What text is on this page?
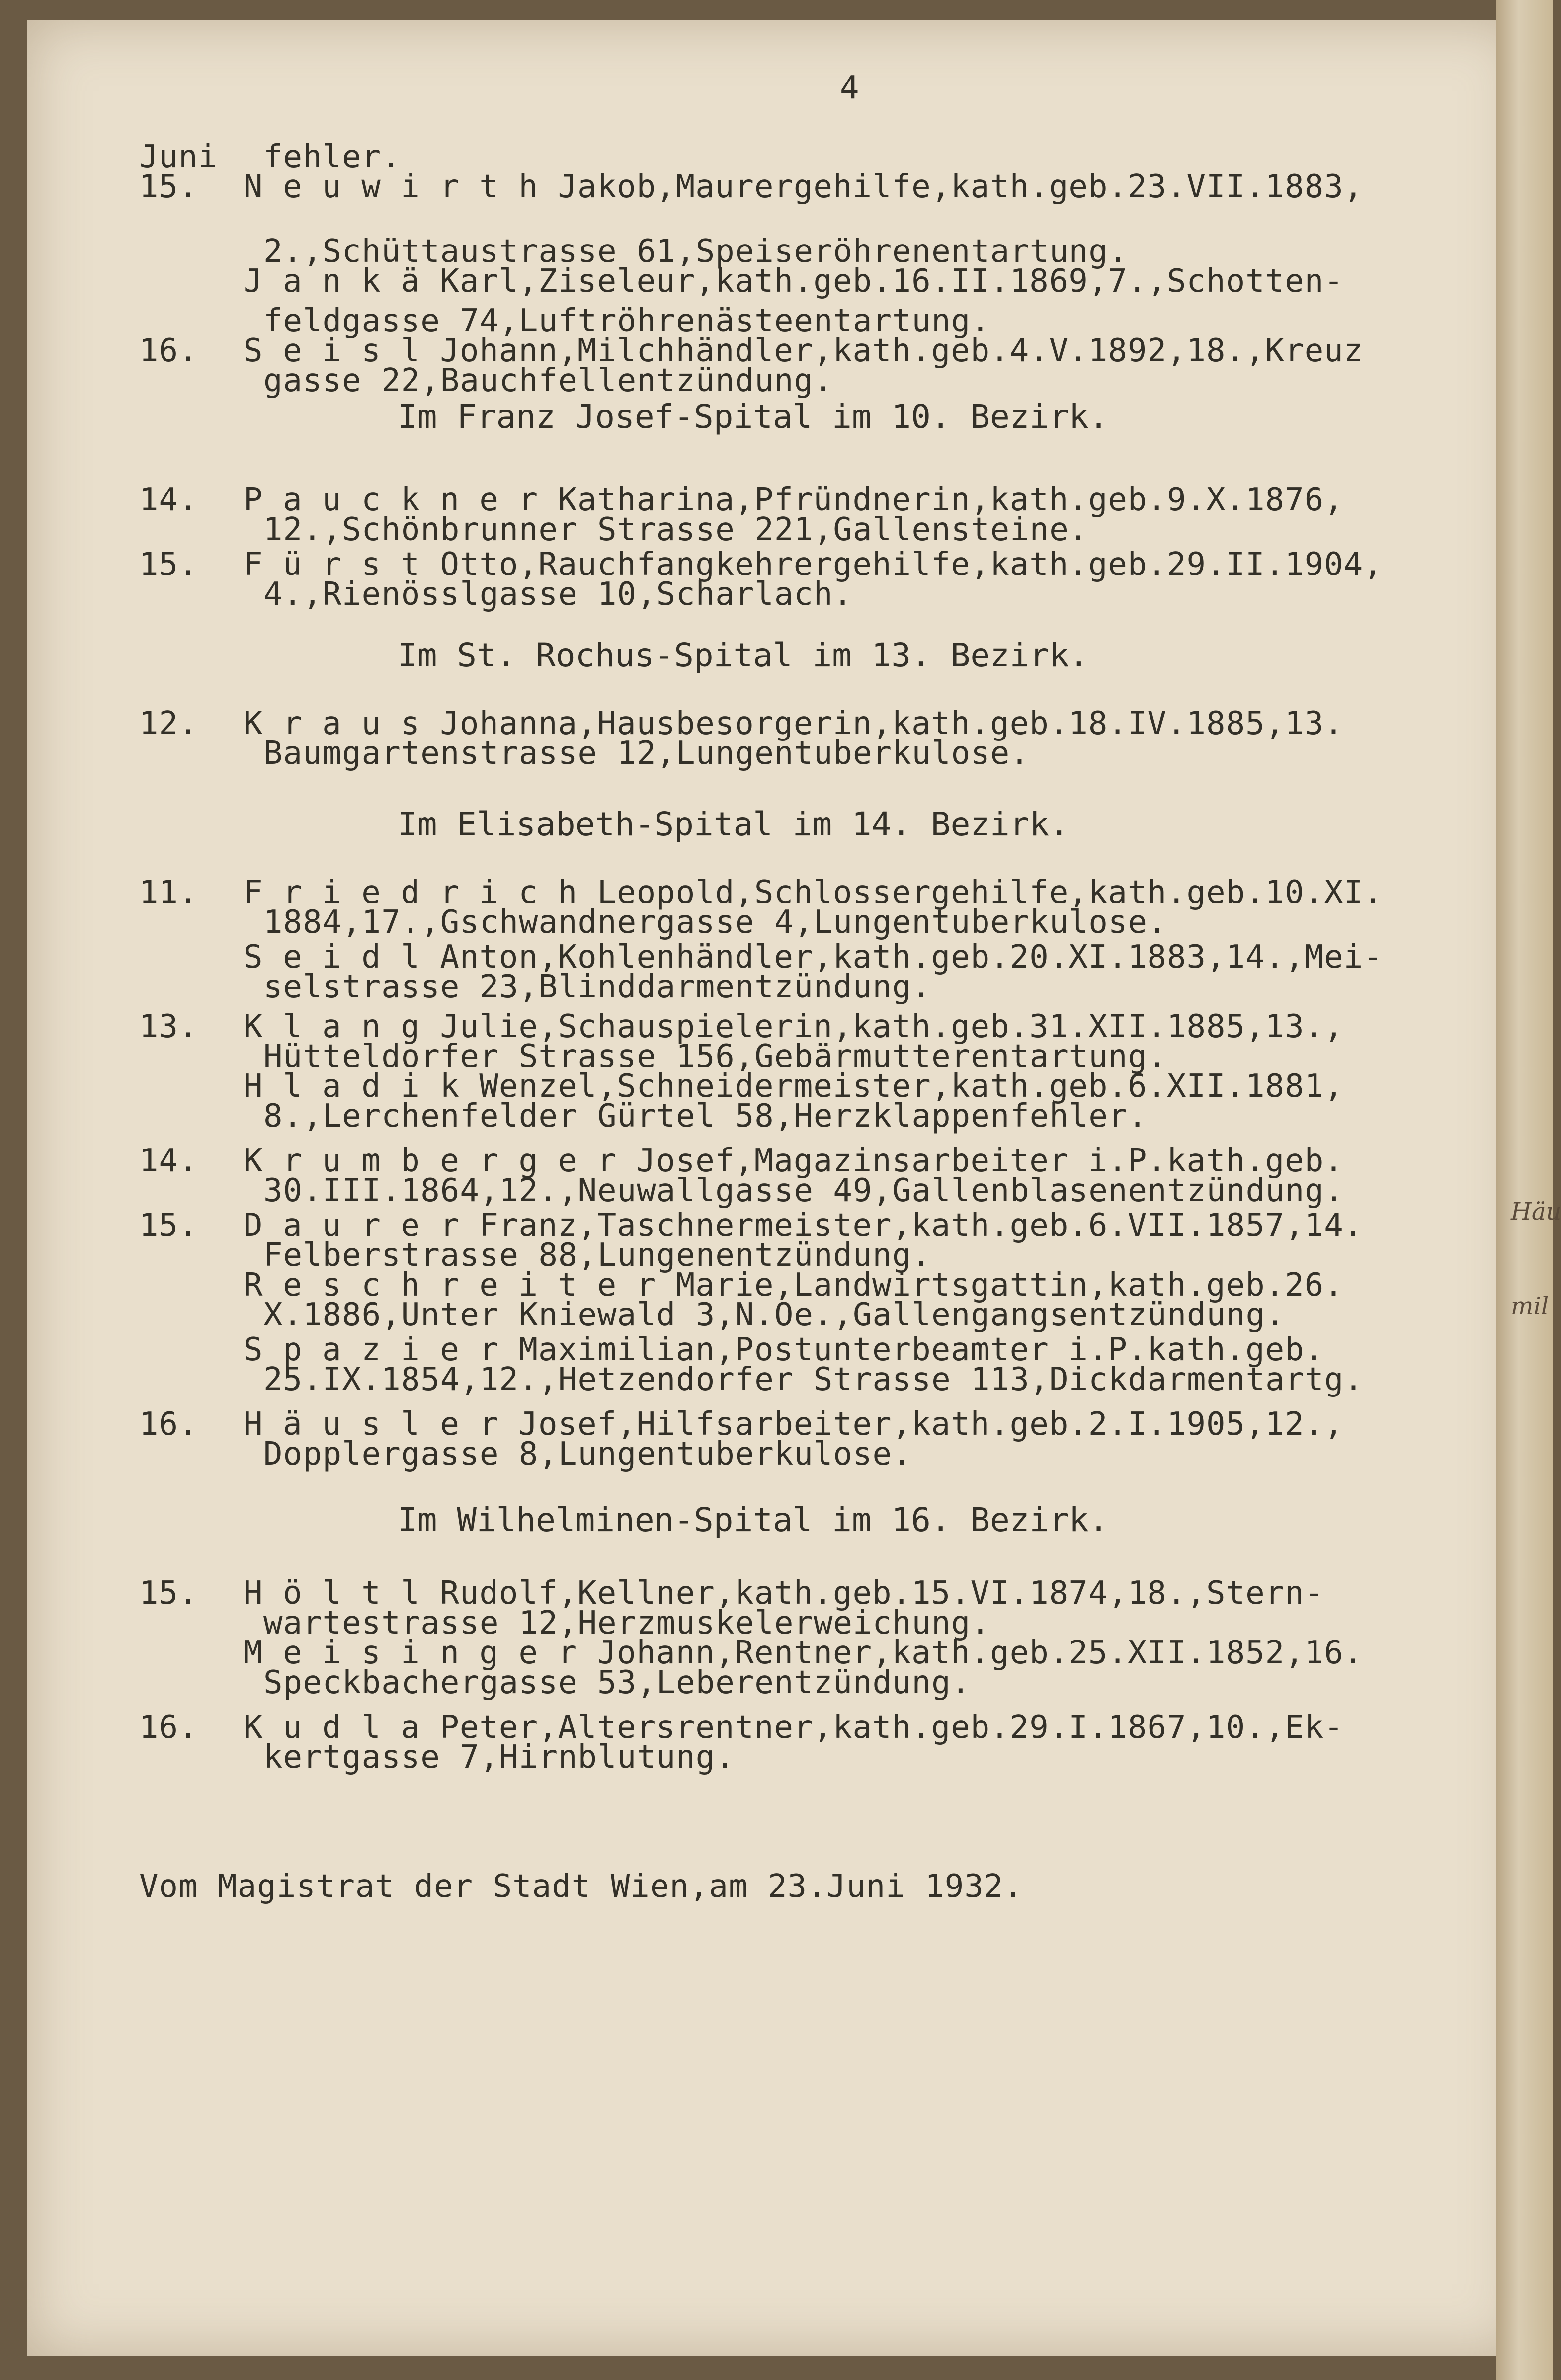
Häu
mil
4
Juni fehler.
15. N e u w i r t h Jakob,Maurergehilfe,kath.geb.23.VII.1883,
2.,Schüttaustrasse 61,Speiseröhrenentartung.
J a n k ä Karl,Ziseleur,kath.geb.16.II.1869,7.,Schotten-
feldgasse 74,Luftröhrenästeentartung.
16. S e i s l Johann,Milchhändler,kath.geb.4.V.1892,18.,Kreuz
gasse 22,Bauchfellentzündung.
Im Franz Josef-Spital im 10. Bezirk.
14. P a u c k n e r Katharina,Pfründnerin,kath.geb.9.X.1876,
12.,Schönbrunner Strasse 221,Gallensteine.
15. F ü r s t Otto,Rauchfangkehrergehilfe,kath.geb.29.II.1904,
4.,Rienösslgasse 10,Scharlach.
Im St. Rochus-Spital im 13. Bezirk.
12. K r a u s Johanna,Hausbesorgerin,kath.geb.18.IV.1885,13.
Baumgartenstrasse 12,Lungentuberkulose.
Im Elisabeth-Spital im 14. Bezirk.
11. F r i e d r i c h Leopold,Schlossergehilfe,kath.geb.10.XI.
1884,17.,Gschwandnergasse 4,Lungentuberkulose.
S e i d l Anton,Kohlenhändler,kath.geb.20.XI.1883,14.,Mei-
selstrasse 23,Blinddarmentzündung.
13. K l a n g Julie,Schauspielerin,kath.geb.31.XII.1885,13.,
Hütteldorfer Strasse 156,Gebärmutterentartung.
H l a d i k Wenzel,Schneidermeister,kath.geb.6.XII.1881,
8.,Lerchenfelder Gürtel 58,Herzklappenfehler.
14. K r u m b e r g e r Josef,Magazinsarbeiter i.P.kath.geb.
30.III.1864,12.,Neuwallgasse 49,Gallenblasenentzündung.
15. D a u r e r Franz,Taschnermeister,kath.geb.6.VII.1857,14.
Felberstrasse 88,Lungenentzündung.
R e s c h r e i t e r Marie,Landwirtsgattin,kath.geb.26.
X.1886,Unter Kniewald 3,N.Oe.,Gallengangsentzündung.
S p a z i e r Maximilian,Postunterbeamter i.P.kath.geb.
25.IX.1854,12.,Hetzendorfer Strasse 113,Dickdarmentartg.
16. H ä u s l e r Josef,Hilfsarbeiter,kath.geb.2.I.1905,12.,
Dopplergasse 8,Lungentuberkulose.
Im Wilhelminen-Spital im 16. Bezirk.
15. H ö l t l Rudolf,Kellner,kath.geb.15.VI.1874,18.,Stern-
wartestrasse 12,Herzmuskelerweichung.
M e i s i n g e r Johann,Rentner,kath.geb.25.XII.1852,16.
Speckbachergasse 53,Leberentzündung.
16. K u d l a Peter,Altersrentner,kath.geb.29.I.1867,10.,Ek-
kertgasse 7,Hirnblutung.
Vom Magistrat der Stadt Wien,am 23.Juni 1932.
